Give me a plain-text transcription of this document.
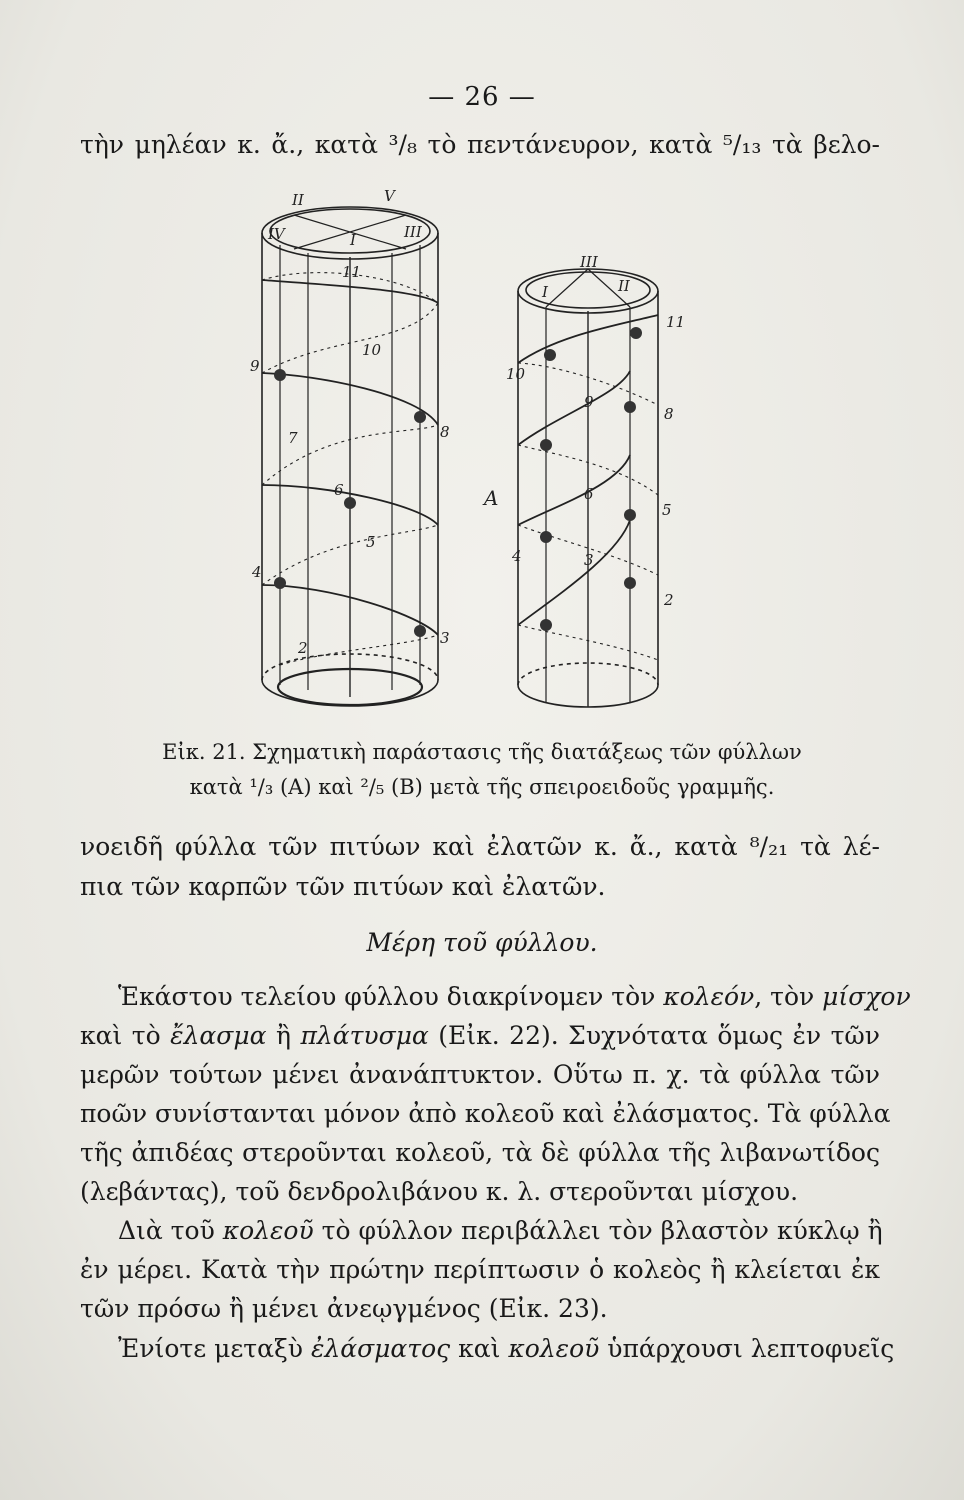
— 26 —
τὴν μηλέαν κ. ἄ., κατὰ ³/₈ τὸ πεντάνευρον, κατὰ ⁵/₁₃ τὰ βελο-
II	V
III
I
IV
11
10
9
8
7
6
5
4
3
2
III
I	II
11
10
9
8
6
5
4	3
2
A
Εἰκ. 21. Σχηματικὴ παράστασις τῆς διατάξεως τῶν φύλλων
κατὰ ¹/₃ (A) καὶ ²/₅ (B) μετὰ τῆς σπειροειδοῦς γραμμῆς.
νοειδῆ φύλλα τῶν πιτύων καὶ ἐλατῶν κ. ἄ., κατὰ ⁸/₂₁ τὰ λέ-
πια τῶν καρπῶν τῶν πιτύων καὶ ἐλατῶν.
Μέρη τοῦ φύλλου.
Ἑκάστου τελείου φύλλου διακρίνομεν τὸν κολεόν, τὸν μίσχον
καὶ τὸ ἔλασμα ἢ πλάτυσμα (Εἰκ. 22). Συχνότατα ὅμως ἐν τῶν
μερῶν τούτων μένει ἀνανάπτυκτον. Οὕτω π. χ. τὰ φύλλα τῶν
ποῶν συνίστανται μόνον ἀπὸ κολεοῦ καὶ ἐλάσματος. Τὰ φύλλα
τῆς ἀπιδέας στεροῦνται κολεοῦ, τὰ δὲ φύλλα τῆς λιβανωτίδος
(λεβάντας), τοῦ δενδρολιβάνου κ. λ. στεροῦνται μίσχου.
Διὰ τοῦ κολεοῦ τὸ φύλλον περιβάλλει τὸν βλαστὸν κύκλῳ ἢ
ἐν μέρει. Κατὰ τὴν πρώτην περίπτωσιν ὁ κολεὸς ἢ κλείεται ἐκ
τῶν πρόσω ἢ μένει ἀνεῳγμένος (Εἰκ. 23).
Ἐνίοτε μεταξὺ ἐλάσματος καὶ κολεοῦ ὑπάρχουσι λεπτοφυεῖς
